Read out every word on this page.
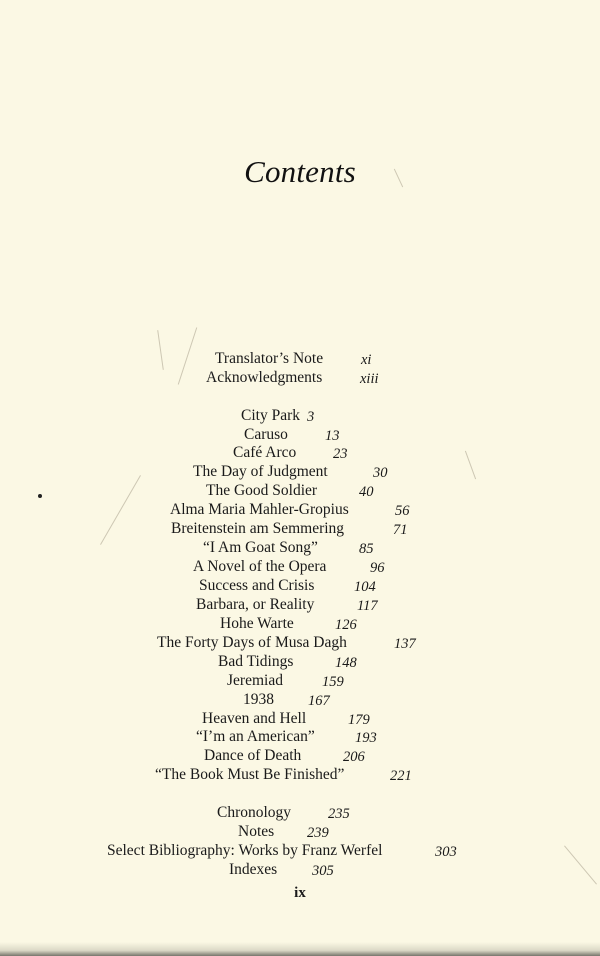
Contents
Translator’s Note	xi
Acknowledgments	xiii
City Park 3
Caruso	13
Café Arco	23
The Day of Judgment	30
The Good Soldier	40
Alma Maria Mahler-Gropius	56
Breitenstein am Semmering	71
“I Am Goat Song”	85
A Novel of the Opera	96
Success and Crisis	104
Barbara, or Reality	117
Hohe Warte	126
The Forty Days of Musa Dagh	137
Bad Tidings	148
Jeremiad	159
1938 167
Heaven and Hell	179
“I’m an American”	193
Dance of Death	206
“The Book Must Be Finished”	221
Chronology	235
Notes 239
Select Bibliography: Works by Franz Werfel	303
Indexes 305
ix
